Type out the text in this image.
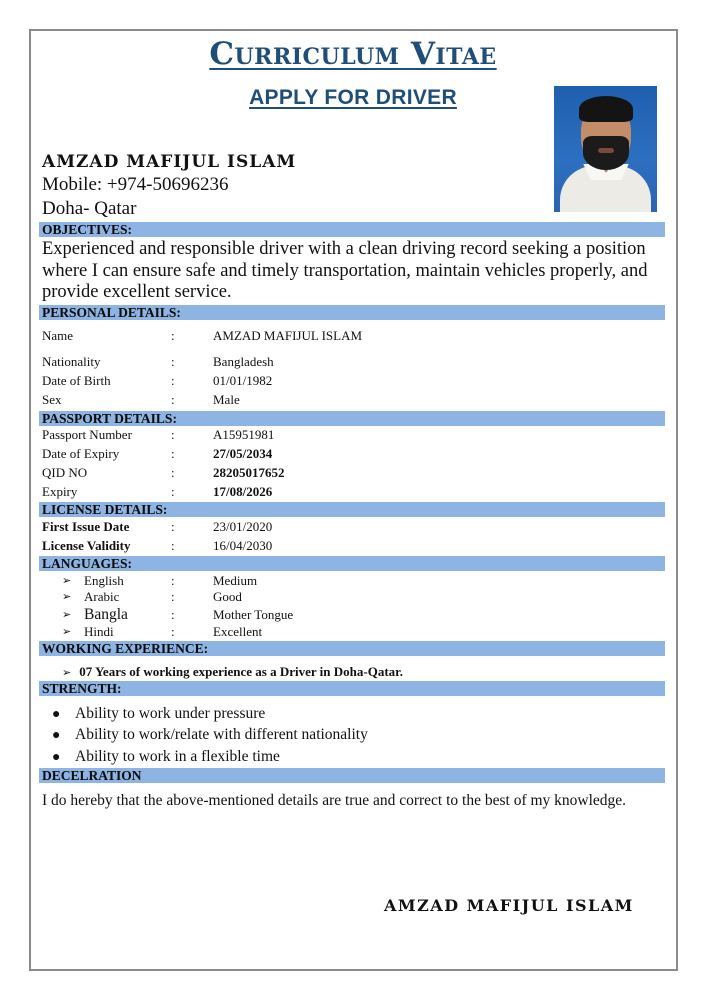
Curriculum Vitae
APPLY FOR DRIVER
AMZAD MAFIJUL ISLAM
Mobile: +974-50696236
Doha- Qatar
OBJECTIVES:
Experienced and responsible driver with a clean driving record seeking a position where I can ensure safe and timely transportation, maintain vehicles properly, and provide excellent service.
PERSONAL DETAILS:
Name	:	AMZAD MAFIJUL ISLAM
Nationality	:	Bangladesh
Date of Birth	:	01/01/1982
Sex	:	Male
PASSPORT DETAILS:
Passport Number	:	A15951981
Date of Expiry	:	27/05/2034
QID NO	:	28205017652
Expiry	:	17/08/2026
LICENSE DETAILS:
First Issue Date	:	23/01/2020
License Validity	:	16/04/2030
LANGUAGES:
➢ English	:	Medium
➢ Arabic	:	Good
➢ Bangla	:	Mother Tongue
➢ Hindi	:	Excellent
WORKING EXPERIENCE:
➢ 07 Years of working experience as a Driver in Doha-Qatar.
STRENGTH:
● Ability to work under pressure
● Ability to work/relate with different nationality
● Ability to work in a flexible time
DECELRATION
I do hereby that the above-mentioned details are true and correct to the best of my knowledge.
AMZAD MAFIJUL ISLAM
